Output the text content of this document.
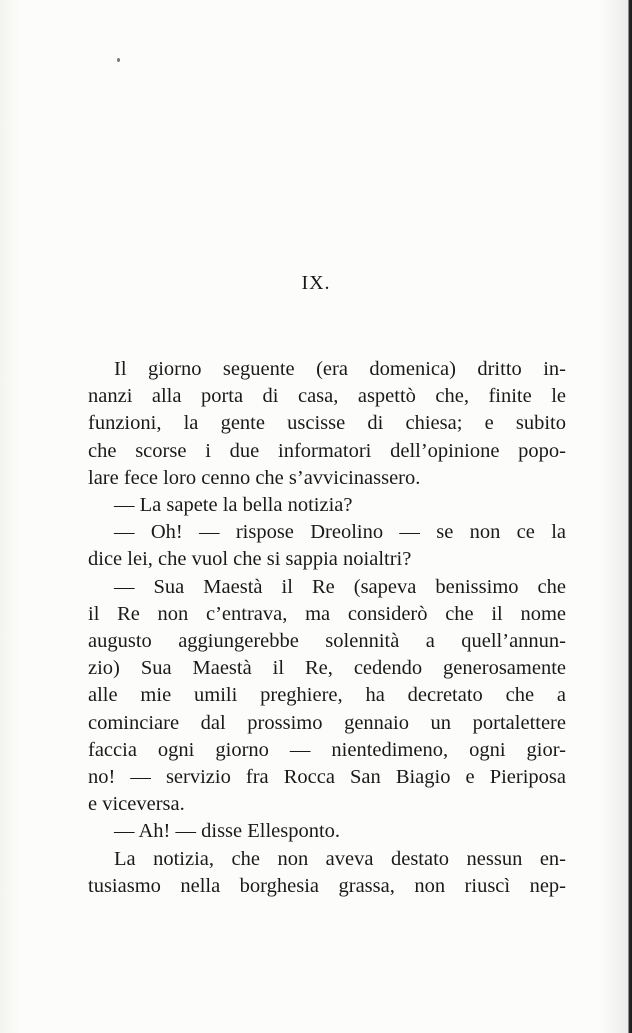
IX.
Il giorno seguente (era domenica) dritto in-
nanzi alla porta di casa, aspettò che, finite le
funzioni, la gente uscisse di chiesa; e subito
che scorse i due informatori dell’opinione popo-
lare fece loro cenno che s’avvicinassero.
— La sapete la bella notizia?
— Oh! — rispose Dreolino — se non ce la
dice lei, che vuol che si sappia noialtri?
— Sua Maestà il Re (sapeva benissimo che
il Re non c’entrava, ma considerò che il nome
augusto aggiungerebbe solennità a quell’annun-
zio) Sua Maestà il Re, cedendo generosamente
alle mie umili preghiere, ha decretato che a
cominciare dal prossimo gennaio un portalettere
faccia ogni giorno — nientedimeno, ogni gior-
no! — servizio fra Rocca San Biagio e Pieriposa
e viceversa.
— Ah! — disse Ellesponto.
La notizia, che non aveva destato nessun en-
tusiasmo nella borghesia grassa, non riuscì nep-
